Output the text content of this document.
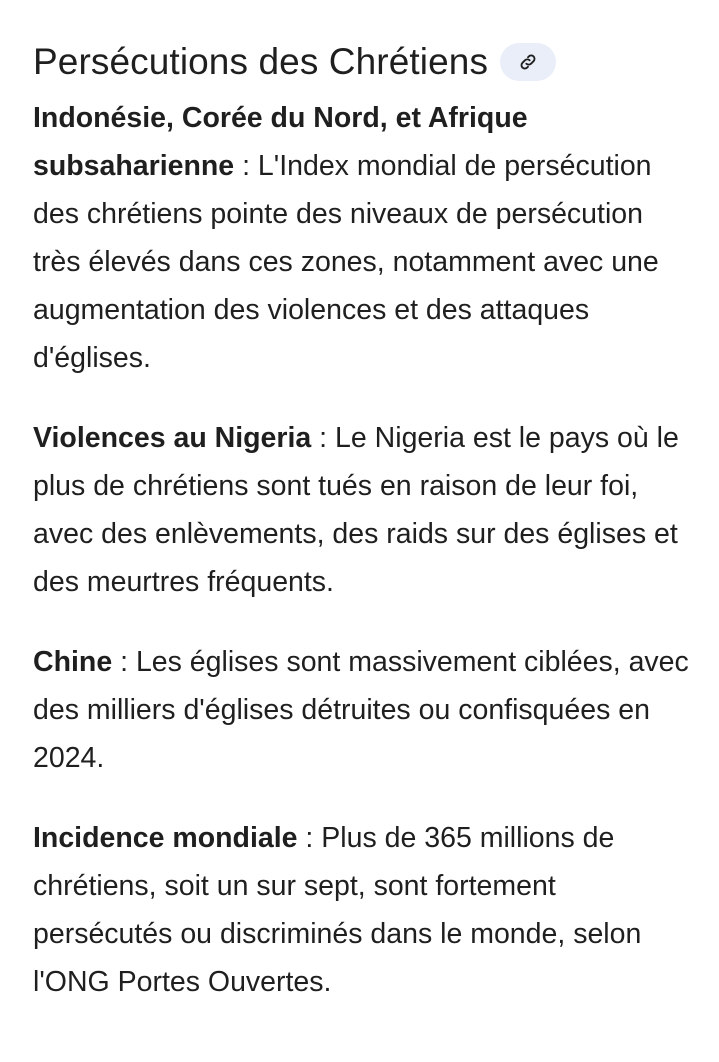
Persécutions des Chrétiens

Indonésie, Corée du Nord, et Afrique subsaharienne : L'Index mondial de persécution des chrétiens pointe des niveaux de persécution très élevés dans ces zones, notamment avec une augmentation des violences et des attaques d'églises.

Violences au Nigeria : Le Nigeria est le pays où le plus de chrétiens sont tués en raison de leur foi, avec des enlèvements, des raids sur des églises et des meurtres fréquents.

Chine : Les églises sont massivement ciblées, avec des milliers d'églises détruites ou confisquées en 2024.

Incidence mondiale : Plus de 365 millions de chrétiens, soit un sur sept, sont fortement persécutés ou discriminés dans le monde, selon l'ONG Portes Ouvertes.
